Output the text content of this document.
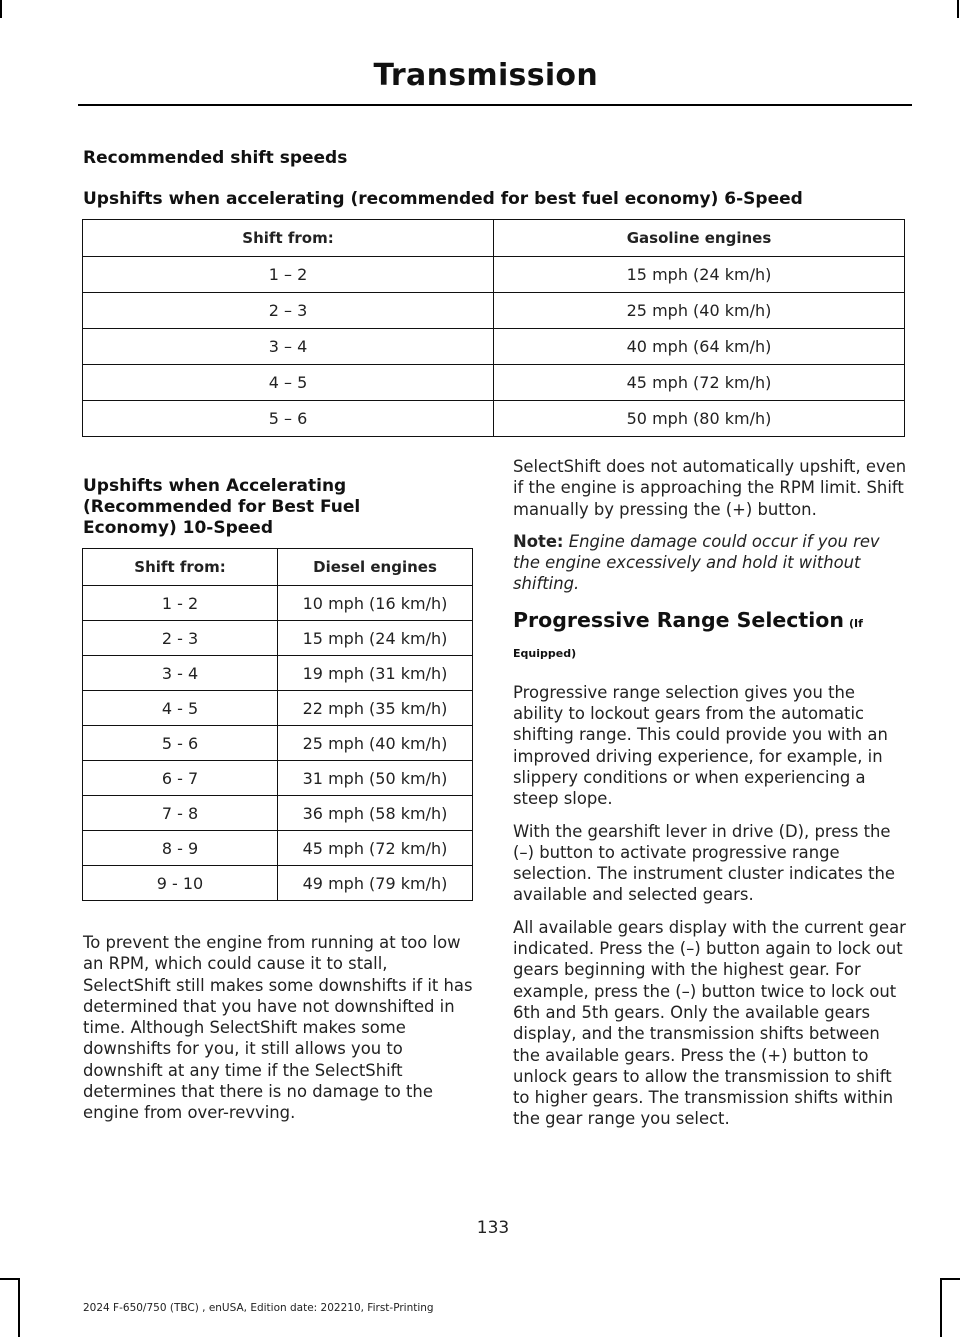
Transmission
Recommended shift speeds
Upshifts when accelerating (recommended for best fuel economy) 6-Speed
Shift from:	Gasoline engines
1 – 2	15 mph (24 km/h)
2 – 3	25 mph (40 km/h)
3 – 4	40 mph (64 km/h)
4 – 5	45 mph (72 km/h)
5 – 6	50 mph (80 km/h)
Upshifts when Accelerating
(Recommended for Best Fuel
Economy) 10-Speed
Shift from:	Diesel engines
1 - 2	10 mph (16 km/h)
2 - 3	15 mph (24 km/h)
3 - 4	19 mph (31 km/h)
4 - 5	22 mph (35 km/h)
5 - 6	25 mph (40 km/h)
6 - 7	31 mph (50 km/h)
7 - 8	36 mph (58 km/h)
8 - 9	45 mph (72 km/h)
9 - 10	49 mph (79 km/h)

To prevent the engine from running at too low an RPM, which could cause it to stall, SelectShift still makes some downshifts if it has determined that you have not downshifted in time. Although SelectShift makes some downshifts for you, it still allows you to downshift at any time if the SelectShift determines that there is no damage to the engine from over-revving.

SelectShift does not automatically upshift, even if the engine is approaching the RPM limit. Shift manually by pressing the (+) button.

Note: Engine damage could occur if you rev the engine excessively and hold it without shifting.

Progressive Range Selection (If Equipped)

Progressive range selection gives you the ability to lockout gears from the automatic shifting range. This could provide you with an improved driving experience, for example, in slippery conditions or when experiencing a steep slope.

With the gearshift lever in drive (D), press the (–) button to activate progressive range selection. The instrument cluster indicates the available and selected gears.

All available gears display with the current gear indicated. Press the (–) button again to lock out gears beginning with the highest gear. For example, press the (–) button twice to lock out 6th and 5th gears. Only the available gears display, and the transmission shifts between the available gears. Press the (+) button to unlock gears to allow the transmission to shift to higher gears. The transmission shifts within the gear range you select.

133
2024 F-650/750 (TBC) , enUSA, Edition date: 202210, First-Printing
